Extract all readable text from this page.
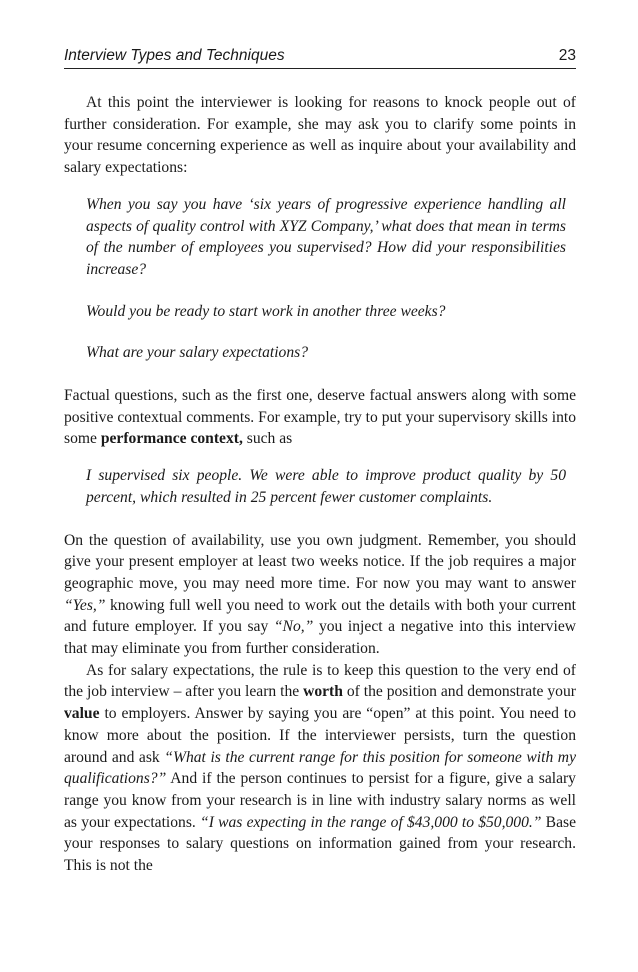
Interview Types and Techniques	23

At this point the interviewer is looking for reasons to knock people out of further consideration. For example, she may ask you to clarify some points in your resume concerning experience as well as inquire about your availability and salary expectations:

When you say you have ‘six years of progressive experience handling all aspects of quality control with XYZ Company,’ what does that mean in terms of the number of employees you supervised? How did your responsibilities increase?

Would you be ready to start work in another three weeks?

What are your salary expectations?

Factual questions, such as the first one, deserve factual answers along with some positive contextual comments. For example, try to put your supervisory skills into some performance context, such as

I supervised six people. We were able to improve product quality by 50 percent, which resulted in 25 percent fewer customer complaints.

On the question of availability, use you own judgment. Remember, you should give your present employer at least two weeks notice. If the job requires a major geographic move, you may need more time. For now you may want to answer “Yes,” knowing full well you need to work out the details with both your current and future employer. If you say “No,” you inject a negative into this interview that may eliminate you from further consideration.

As for salary expectations, the rule is to keep this question to the very end of the job interview – after you learn the worth of the position and demonstrate your value to employers. Answer by saying you are “open” at this point. You need to know more about the position. If the interviewer persists, turn the question around and ask “What is the current range for this position for someone with my qualifications?” And if the person continues to persist for a figure, give a salary range you know from your research is in line with industry salary norms as well as your expectations. “I was expecting in the range of $43,000 to $50,000.” Base your responses to salary questions on information gained from your research. This is not the
